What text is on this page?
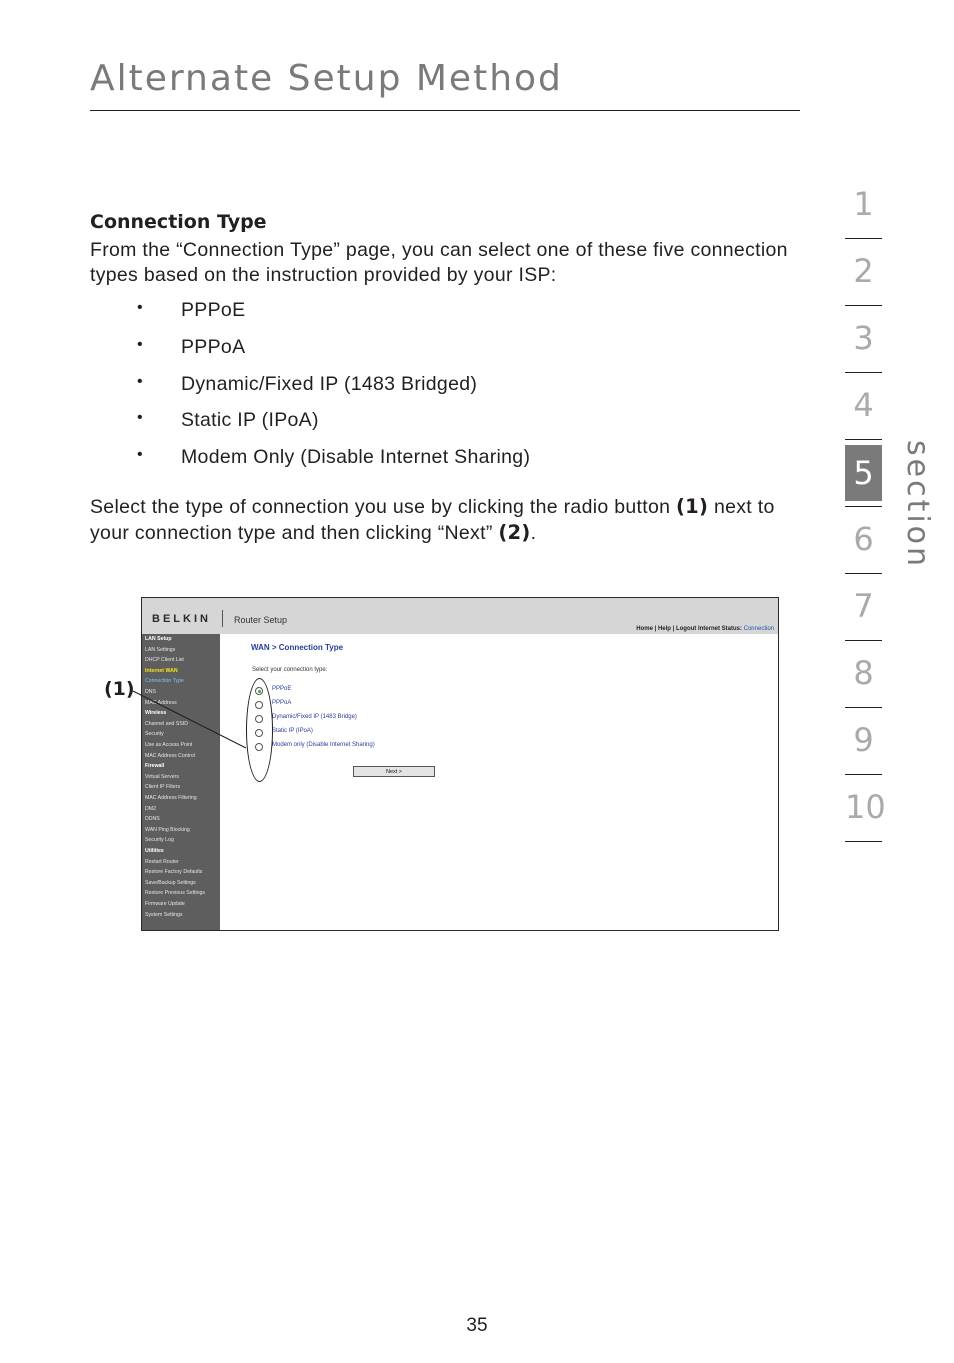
Alternate Setup Method
Connection Type

From the “Connection Type” page, you can select one of these five connection types based on the instruction provided by your ISP:

• PPPoE
• PPPoA
• Dynamic/Fixed IP (1483 Bridged)
• Static IP (IPoA)
• Modem Only (Disable Internet Sharing)

Select the type of connection you use by clicking the radio button (1) next to your connection type and then clicking “Next” (2).

1
2
3
4
5
6
7
8
9
10
section
BELKIN	Router Setup
Home | Help | Logout Internet Status: Connection
LAN Setup
LAN Settings
DHCP Client List
Internet WAN
Connection Type
DNS
MAC Address
Wireless
Channel and SSID
Security
Use as Access Point
MAC Address Control
Firewall
Virtual Servers
Client IP Filters
MAC Address Filtering
DMZ
DDNS
WAN Ping Blocking
Security Log
Utilities
Restart Router
Restore Factory Defaults
Save/Backup Settings
Restore Previous Settings
Firmware Update
System Settings
WAN > Connection Type
Select your connection type:
PPPoE
PPPoA
Dynamic/Fixed IP (1483 Bridge)
Static IP (IPoA)
Modem only (Disable Internet Sharing)
Next >
(1)
35
